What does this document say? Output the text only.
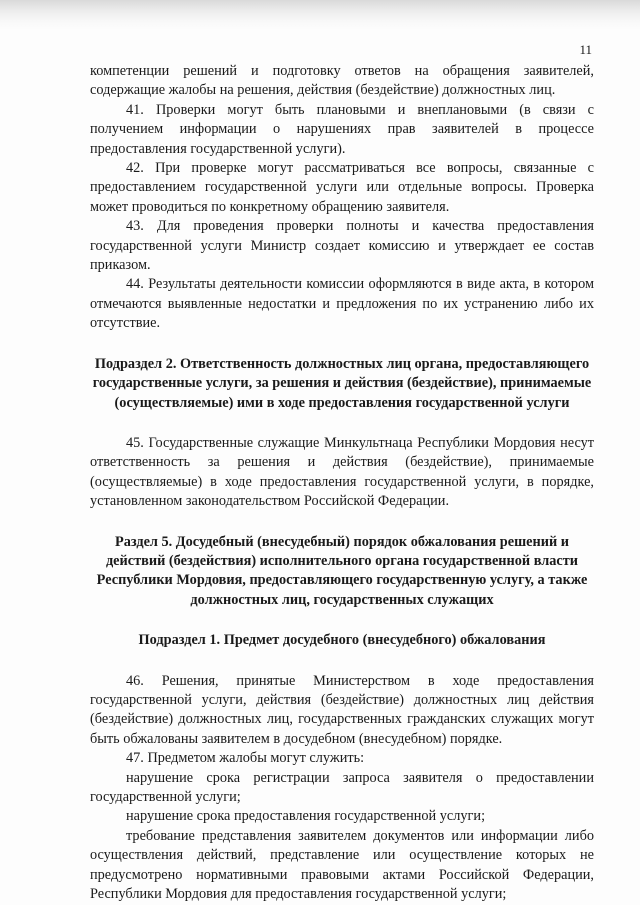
11

компетенции решений и подготовку ответов на обращения заявителей, содержащие жалобы на решения, действия (бездействие) должностных лиц.

41. Проверки могут быть плановыми и внеплановыми (в связи с получением информации о нарушениях прав заявителей в процессе предоставления государственной услуги).

42. При проверке могут рассматриваться все вопросы, связанные с предоставлением государственной услуги или отдельные вопросы. Проверка может проводиться по конкретному обращению заявителя.

43. Для проведения проверки полноты и качества предоставления государственной услуги Министр создает комиссию и утверждает ее состав приказом.

44. Результаты деятельности комиссии оформляются в виде акта, в котором отмечаются выявленные недостатки и предложения по их устранению либо их отсутствие.

Подраздел 2. Ответственность должностных лиц органа, предоставляющего государственные услуги, за решения и действия (бездействие), принимаемые (осуществляемые) ими в ходе предоставления государственной услуги

45. Государственные служащие Минкультнаца Республики Мордовия несут ответственность за решения и действия (бездействие), принимаемые (осуществляемые) в ходе предоставления государственной услуги, в порядке, установленном законодательством Российской Федерации.

Раздел 5. Досудебный (внесудебный) порядок обжалования решений и действий (бездействия) исполнительного органа государственной власти Республики Мордовия, предоставляющего государственную услугу, а также должностных лиц, государственных служащих

Подраздел 1. Предмет досудебного (внесудебного) обжалования

46. Решения, принятые Министерством в ходе предоставления государственной услуги, действия (бездействие) должностных лиц действия (бездействие) должностных лиц, государственных гражданских служащих могут быть обжалованы заявителем в досудебном (внесудебном) порядке.

47. Предметом жалобы могут служить:

нарушение срока регистрации запроса заявителя о предоставлении государственной услуги;

нарушение срока предоставления государственной услуги;

требование представления заявителем документов или информации либо осуществления действий, представление или осуществление которых не предусмотрено нормативными правовыми актами Российской Федерации, Республики Мордовия для предоставления государственной услуги;
